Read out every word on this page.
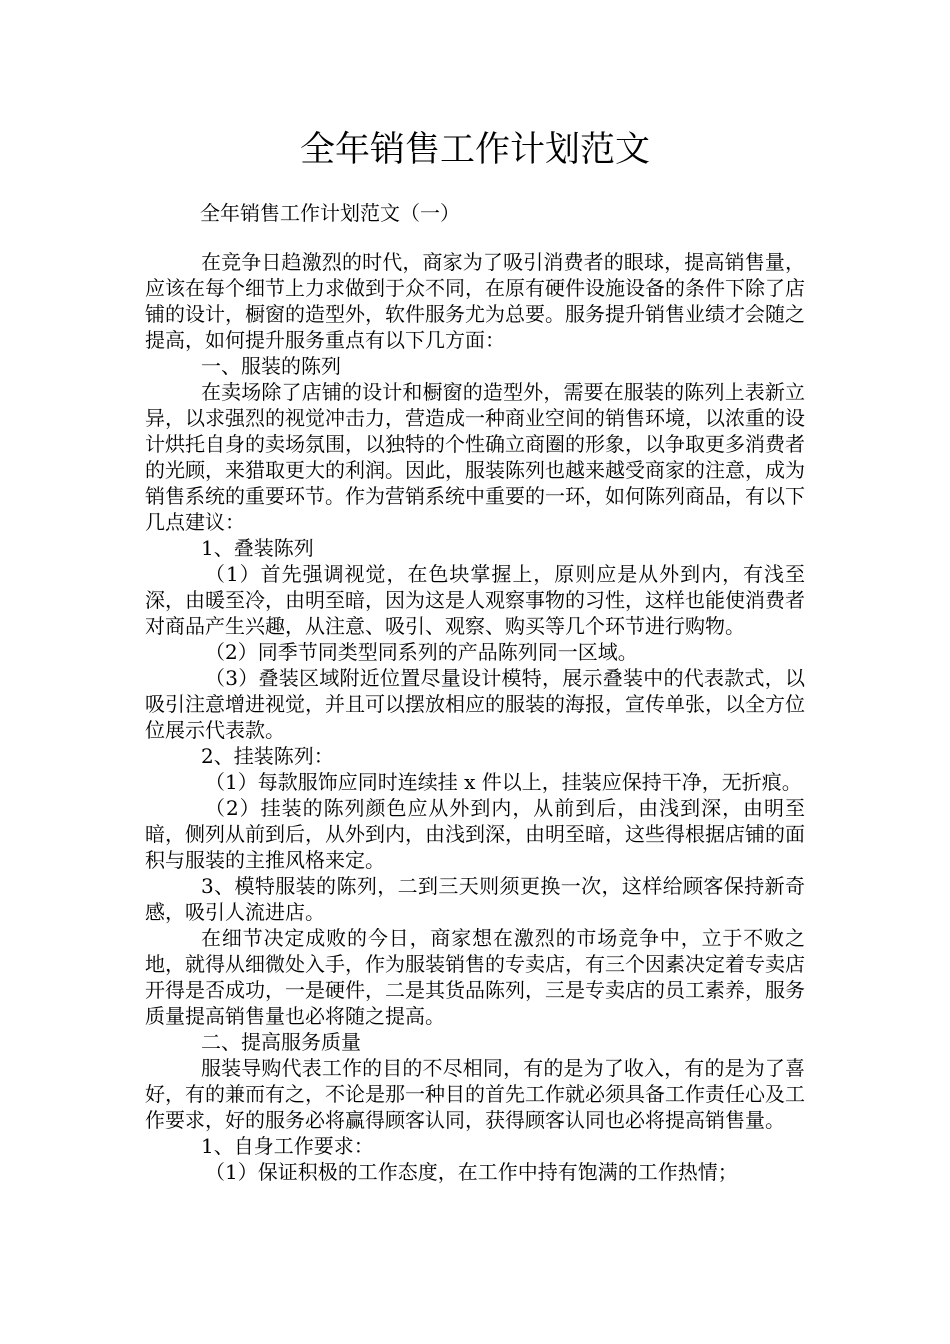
全年销售工作计划范文
全年销售工作计划范文（一）

在竞争日趋激烈的时代，商家为了吸引消费者的眼球，提高销售量，应该在每个细节上力求做到于众不同，在原有硬件设施设备的条件下除了店铺的设计，橱窗的造型外，软件服务尤为总要。服务提升销售业绩才会随之提高，如何提升服务重点有以下几方面：

一、服装的陈列

在卖场除了店铺的设计和橱窗的造型外，需要在服装的陈列上表新立异，以求强烈的视觉冲击力，营造成一种商业空间的销售环境，以浓重的设计烘托自身的卖场氛围，以独特的个性确立商圈的形象，以争取更多消费者的光顾，来猎取更大的利润。因此，服装陈列也越来越受商家的注意，成为销售系统的重要环节。作为营销系统中重要的一环，如何陈列商品，有以下几点建议：

1、叠装陈列

（1）首先强调视觉，在色块掌握上，原则应是从外到内，有浅至深，由暖至冷，由明至暗，因为这是人观察事物的习性，这样也能使消费者对商品产生兴趣，从注意、吸引、观察、购买等几个环节进行购物。

（2）同季节同类型同系列的产品陈列同一区域。

（3）叠装区域附近位置尽量设计模特，展示叠装中的代表款式，以吸引注意增进视觉，并且可以摆放相应的服装的海报，宣传单张，以全方位位展示代表款。

2、挂装陈列：

（1）每款服饰应同时连续挂 x 件以上，挂装应保持干净，无折痕。

（2）挂装的陈列颜色应从外到内，从前到后，由浅到深，由明至暗，侧列从前到后，从外到内，由浅到深，由明至暗，这些得根据店铺的面积与服装的主推风格来定。

3、模特服装的陈列，二到三天则须更换一次，这样给顾客保持新奇感，吸引人流进店。

在细节决定成败的今日，商家想在激烈的市场竞争中，立于不败之地，就得从细微处入手，作为服装销售的专卖店，有三个因素决定着专卖店开得是否成功，一是硬件，二是其货品陈列，三是专卖店的员工素养，服务质量提高销售量也必将随之提高。

二、提高服务质量

服装导购代表工作的目的不尽相同，有的是为了收入，有的是为了喜好，有的兼而有之，不论是那一种目的首先工作就必须具备工作责任心及工作要求，好的服务必将赢得顾客认同，获得顾客认同也必将提高销售量。

1、自身工作要求：

（1）保证积极的工作态度，在工作中持有饱满的工作热情；
